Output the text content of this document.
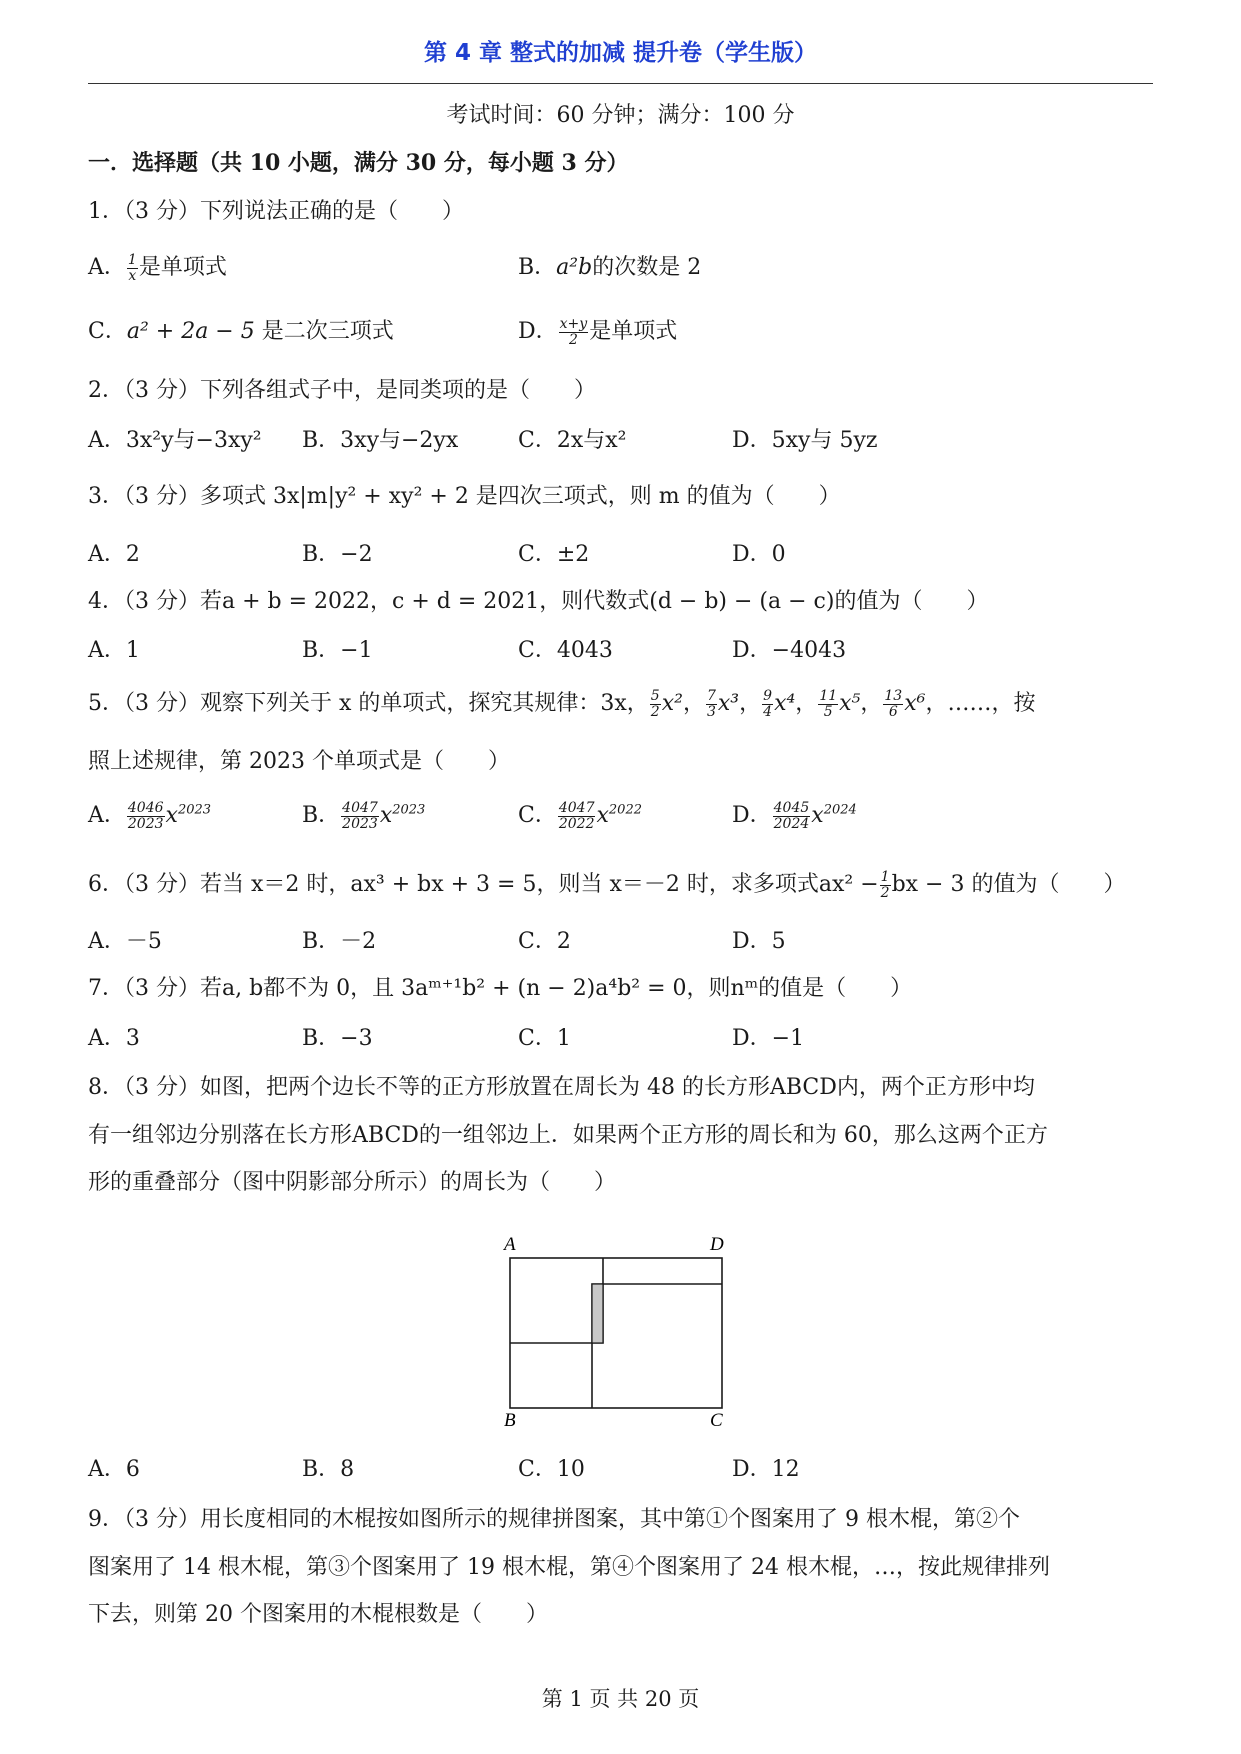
第 4 章 整式的加减 提升卷（学生版）
考试时间：60 分钟；满分：100 分
一．选择题（共 10 小题，满分 30 分，每小题 3 分）
1．（3 分）下列说法正确的是（　　）
A． $\frac{1}{x}$ 是单项式	B．a²b的次数是 2
C．a² + 2a − 5 是二次三项式	D． $\frac{x+y}{2}$ 是单项式
2．（3 分）下列各组式子中，是同类项的是（　　）
A．3x²y与−3xy² B．3xy与−2yx	C．2x与x²	D．5xy与 5yz
3．（3 分）多项式 3x|m|y² + xy² + 2 是四次三项式，则 m 的值为（　　）
A．2	B．−2	C．±2	D．0
4．（3 分）若a + b = 2022，c + d = 2021，则代数式(d − b) − (a − c)的值为（　　）
A．1	B．−1	C．4043	D．−4043
5．（3 分）观察下列关于 x 的单项式，探究其规律：3x， $\frac{5}{2} x^2$， $\frac{7}{3} x^3$， $\frac{9}{4} x^4$， $\frac{11}{5} x^5$， $\frac{13}{6} x^6$，……，按
照上述规律，第 2023 个单项式是（　　）
A． $\frac{4046}{2023} x^{2023}$	B． $\frac{4047}{2023} x^{2023}$	C． $\frac{4047}{2022} x^{2022}$	D． $\frac{4045}{2024} x^{2024}$
6．（3 分）若当 x＝2 时，ax³ + bx + 3 = 5，则当 x＝－2 时，求多项式$ax^2 - \frac{1}{2}$ bx − 3 的值为（　　）
A．－5	B．－2	C．2	D．5
7．（3 分）若a, b都不为 0，且 3aᵐ⁺¹b² + (n − 2)a⁴b² = 0，则nᵐ的值是（　　）
A．3	B．−3	C．1	D．−1
8．（3 分）如图，把两个边长不等的正方形放置在周长为 48 的长方形ABCD内，两个正方形中均
有一组邻边分别落在长方形ABCD的一组邻边上．如果两个正方形的周长和为 60，那么这两个正方
形的重叠部分（图中阴影部分所示）的周长为（　　）
A	D
B	C
A．6	B．8	C．10	D．12
9．（3 分）用长度相同的木棍按如图所示的规律拼图案，其中第①个图案用了 9 根木棍，第②个
图案用了 14 根木棍，第③个图案用了 19 根木棍，第④个图案用了 24 根木棍，…，按此规律排列
下去，则第 20 个图案用的木棍根数是（　　）
第 1 页 共 20 页
